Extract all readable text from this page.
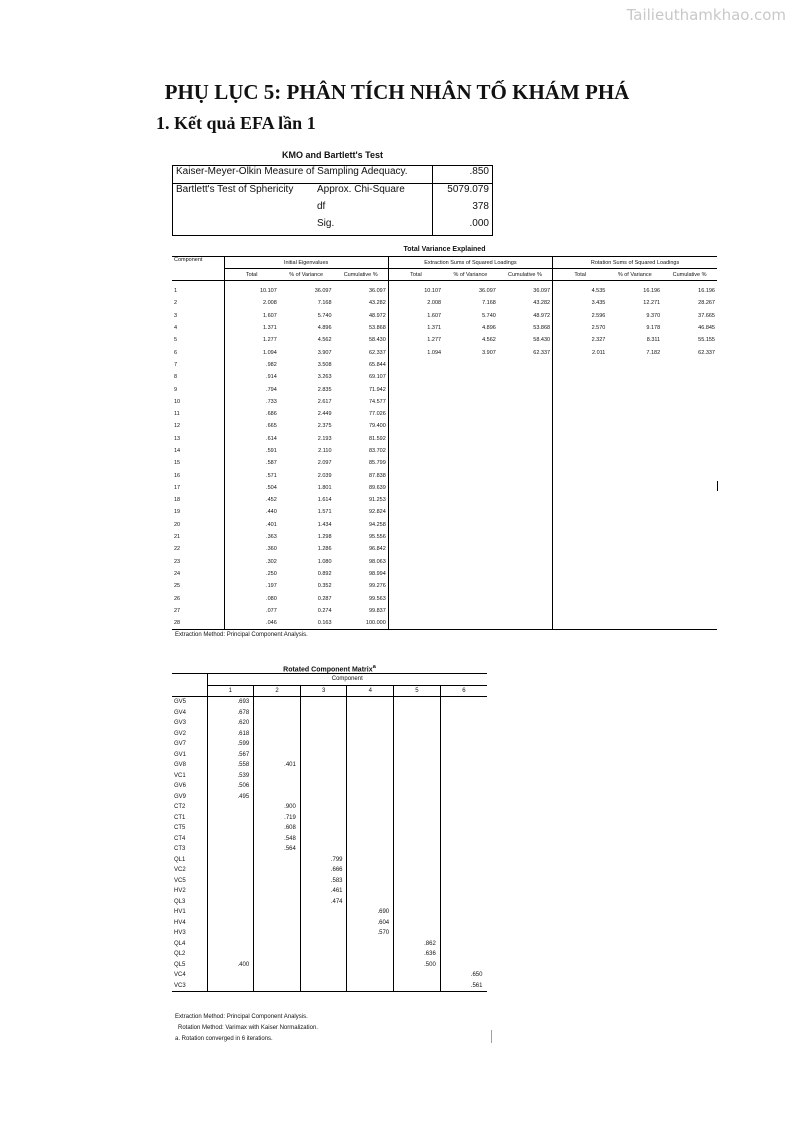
Tailieuthamkhao.com
PHỤ LỤC 5: PHÂN TÍCH NHÂN TỐ KHÁM PHÁ
1. Kết quả EFA lần 1
KMO and Bartlett's Test
Kaiser-Meyer-Olkin Measure of Sampling Adequacy.		.850
Bartlett's Test of Sphericity	Approx. Chi-Square	5079.079
	df	378
	Sig.	.000
Total Variance Explained
Component	Initial Eigenvalues			Extraction Sums of Squared Loadings			Rotation Sums of Squared Loadings		
	Total	% of Variance	Cumulative %	Total	% of Variance	Cumulative %	Total	% of Variance	Cumulative %
1	10.107	36.097	36.097	10.107	36.097	36.097	4.535	16.196	16.196
2	2.008	7.168	43.282	2.008	7.168	43.282	3.435	12.271	28.267
3	1.607	5.740	48.972	1.607	5.740	48.972	2.596	9.370	37.665
4	1.371	4.896	53.868	1.371	4.896	53.868	2.570	9.178	46.845
5	1.277	4.562	58.430	1.277	4.562	58.430	2.327	8.311	55.155
6	1.094	3.907	62.337	1.094	3.907	62.337	2.011	7.182	62.337
7	.982	3.508	65.844						
8	.914	3.263	69.107						
9	.794	2.835	71.942						
10	.733	2.617	74.577						
11	.686	2.449	77.026						
12	.665	2.375	79.400						
13	.614	2.193	81.592						
14	.591	2.110	83.702						
15	.587	2.097	85.799						
16	.571	2.039	87.838						
17	.504	1.801	89.639						
18	.452	1.614	91.253						
19	.440	1.571	92.824						
20	.401	1.434	94.258						
21	.363	1.298	95.556						
22	.360	1.286	96.842						
23	.302	1.080	98.063						
24	.250	0.892	98.994						
25	.197	0.352	99.276						
26	.080	0.287	99.563						
27	.077	0.274	99.837						
28	.046	0.163	100.000						
Extraction Method: Principal Component Analysis.
Rotated Component Matrix$^a$
	Component					
	1	2	3	4	5	6
GV5	.693					
GV4	.678					
GV3	.620					
GV2	.618					
GV7	.599					
GV1	.567					
GV8	.558	.401				
VC1	.539					
GV6	.506					
GV9	.495					
CT2		.900				
CT1		.719				
CT5		.608				
CT4		.548				
CT3		.564				
QL1			.799			
VC2			.666			
VC5			.583			
HV2			.461			
QL3			.474			
HV1				.690		
HV4				.604		
HV3				.570		
QL4					.862	
QL2					.636	
QL5	.400				.500	
VC4						.650
VC3						.561
Extraction Method: Principal Component Analysis.
Rotation Method: Varimax with Kaiser Normalization.
a. Rotation converged in 6 iterations.
